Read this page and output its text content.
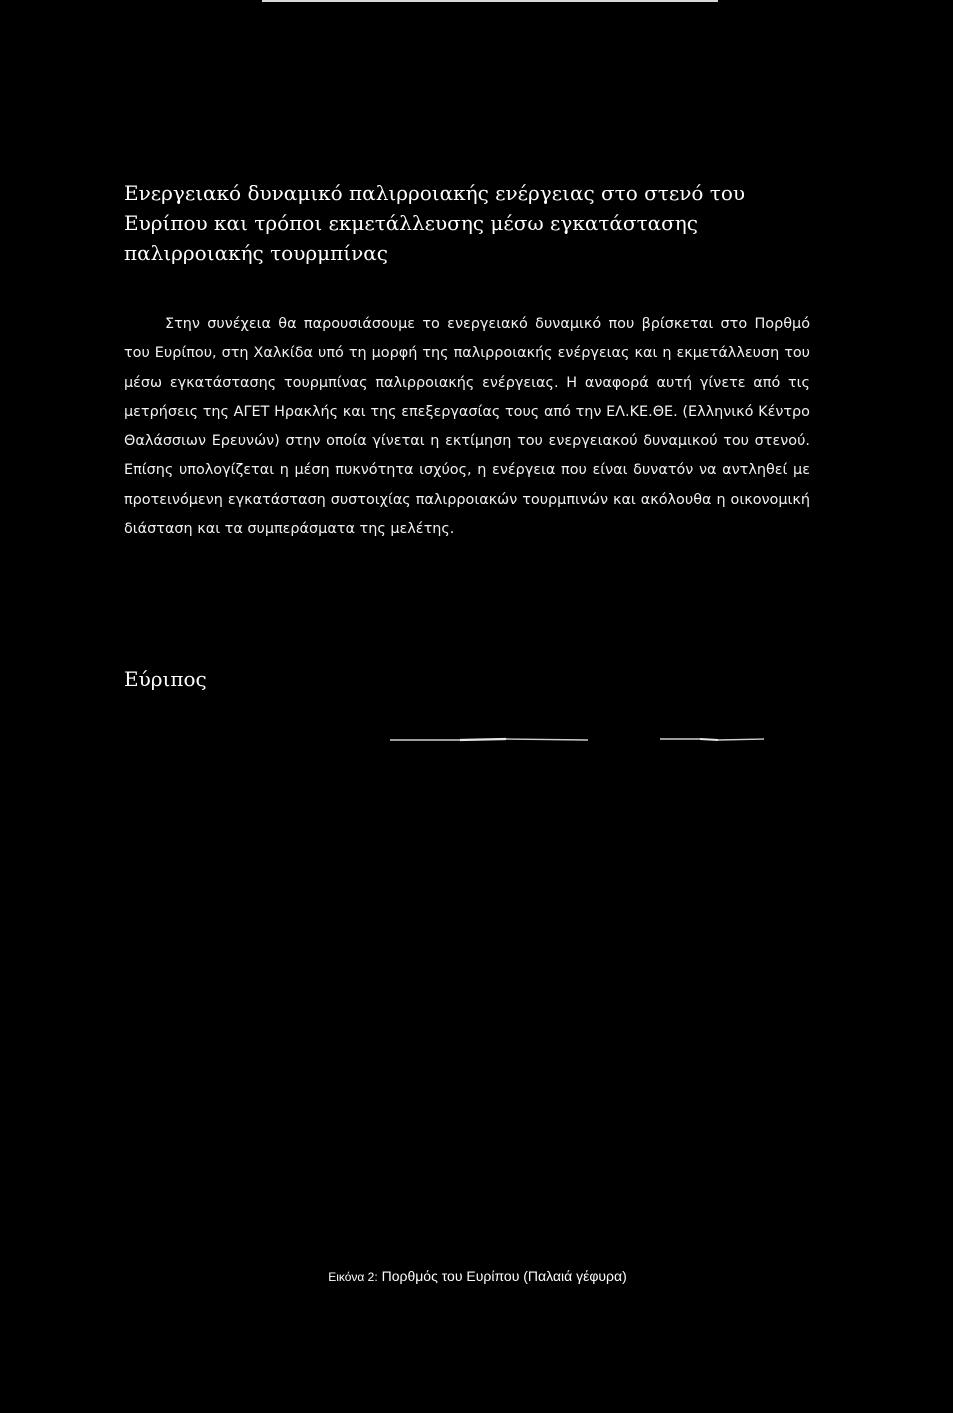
Ενεργειακό δυναμικό παλιρροιακής ενέργειας στο στενό του Ευρίπου και τρόποι εκμετάλλευσης μέσω εγκατάστασης παλιρροιακής τουρμπίνας

Στην συνέχεια θα παρουσιάσουμε το ενεργειακό δυναμικό που βρίσκεται στο Πορθμό του Ευρίπου, στη Χαλκίδα υπό τη μορφή της παλιρροιακής ενέργειας και η εκμετάλλευση του μέσω εγκατάστασης τουρμπίνας παλιρροιακής ενέργειας. Η αναφορά αυτή γίνετε από τις μετρήσεις της ΑΓΕΤ Ηρακλής και της επεξεργασίας τους από την ΕΛ.ΚΕ.ΘΕ. (Ελληνικό Κέντρο Θαλάσσιων Ερευνών) στην οποία γίνεται η εκτίμηση του ενεργειακού δυναμικού του στενού. Επίσης υπολογίζεται η μέση πυκνότητα ισχύος, η ενέργεια που είναι δυνατόν να αντληθεί με προτεινόμενη εγκατάσταση συστοιχίας παλιρροιακών τουρμπινών και ακόλουθα η οικονομική διάσταση και τα συμπεράσματα της μελέτης.

Εύριπος

Εικόνα 2: Πορθμός του Ευρίπου (Παλαιά γέφυρα)
